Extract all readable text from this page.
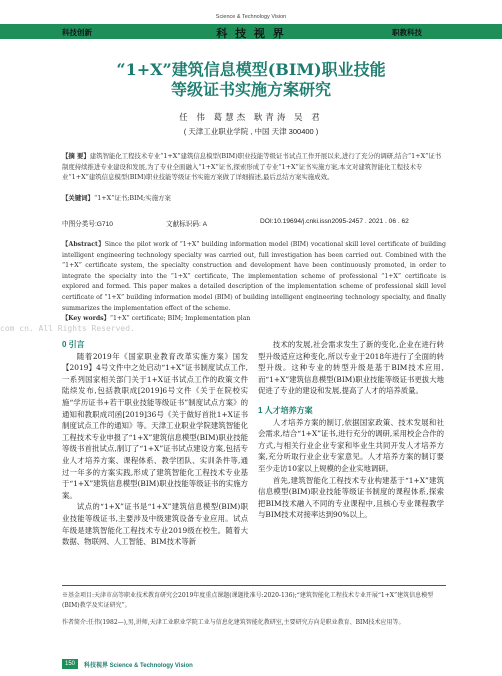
Science & Technology Vision
科技创新	科 技 视 界	职教科技
“1+X”建筑信息模型(BIM)职业技能
等级证书实施方案研究
任 伟 葛慧杰 耿青涛 吴 君
( 天津工业职业学院 , 中国 天津 300400 )
【摘 要】建筑智能化工程技术专业“1+X”建筑信息模型(BIM)职业技能等级证书试点工作开展以来,进行了充分的调研,结合“1+X”证书制度持续推进专业建设和发展,为了专业全面融入“1+X”证书,探索形成了专业“1+X”证书实施方案,本文对建筑智能化工程技术专业“1+X”建筑信息模型(BIM)职业技能等级证书实施方案做了详细描述,最后总结方案实施成效。
【关键词】“1+X”证书;BIM;实施方案
中图分类号:G710	文献标识码: A	DOI:10.19694/j.cnki.issn2095-2457 . 2021 . 06 . 62
【Abstract】Since the pilot work of “1+X” building information model (BIM) vocational skill level certificate of building intelligent engineering technology specialty was carried out, full investigation has been carried out. Combined with the “1+X” certificate system, the specialty construction and development have been continuously promoted, in order to integrate the specialty into the “1+X” certificate, The implementation scheme of professional “1+X” certificate is explored and formed. This paper makes a detailed description of the implementation scheme of professional skill level certificate of “1+X” building information model (BIM) of building intelligent engineering technology specialty, and finally summarizes the implementation effect of the scheme.
【Key words】“1+X” certificate; BIM; Implementation plan
com cn. All Rights Reserved.
0 引言

随着2019年《国家职业教育改革实施方案》国发【2019】4号文件中之处启动“1+X”证书制度试点工作,一系列国家相关部门关于1+X证书试点工作的政策文件陆续发布,包括教职成[2019]6号文件《关于在院校实施“学历证书+若干职业技能等级证书”制度试点方案》的通知和教职成司函[2019]36号《关于做好首批1+X证书制度试点工作的通知》等。天津工业职业学院建筑智能化工程技术专业申报了“1+X”建筑信息模型(BIM)职业技能等级书首批试点,制订了“1+X”证书试点建设方案,包括专业人才培养方案、课程体系、教学团队、实训条件等,通过一年多的方案实践,形成了建筑智能化工程技术专业基于“1+X”建筑信息模型(BIM)职业技能等级证书的实施方案。

试点的“1+X”证书是“1+X”建筑信息模型(BIM)职业技能等级证书,主要涉及中级建筑设备专业应用。试点年级是建筑智能化工程技术专业2019级在校生。随着大数据、物联网、人工智能、BIM技术等新

技术的发展,社会需求发生了新的变化,企业在进行转型升级适应这种变化,所以专业于2018年进行了全面的转型升级。这种专业的转型升级是基于BIM技术应用,而“1+X”建筑信息模型(BIM)职业技能等级证书更拔大地促进了专业的建设和发展,提高了人才的培养质量。

1 人才培养方案

人才培养方案的制订,依据国家政策、技术发展和社会需求,结合“1+X”证书,进行充分的调研,采用校企合作的方式,与相关行业企业专家和毕业生共同开发人才培养方案,充分听取行业企业专家意见。人才培养方案的制订要至少走访10家以上规模的企业实地调研。

首先,建筑智能化工程技术专业构建基于“1+X”建筑信息模型(BIM)职业技能等级证书制度的课程体系,探索把BIM技术融入不同的专业课程中,且核心专业课程教学与BIM技术对接率达到90%以上。

※基金项目:天津市高等职业技术教育研究会2019年度重点课题(课题批准号:2020-136);“建筑智能化工程技术专业开展“1+X”建筑信息模型(BIM)教学及实证研究”。
作者简介:任伟(1982—),男,讲师,天津工业职业学院工业与信息化建筑智能化教研室,主要研究方向是职业教育、BIM技术应用等。
150	科技视界 Science & Technology Vision
